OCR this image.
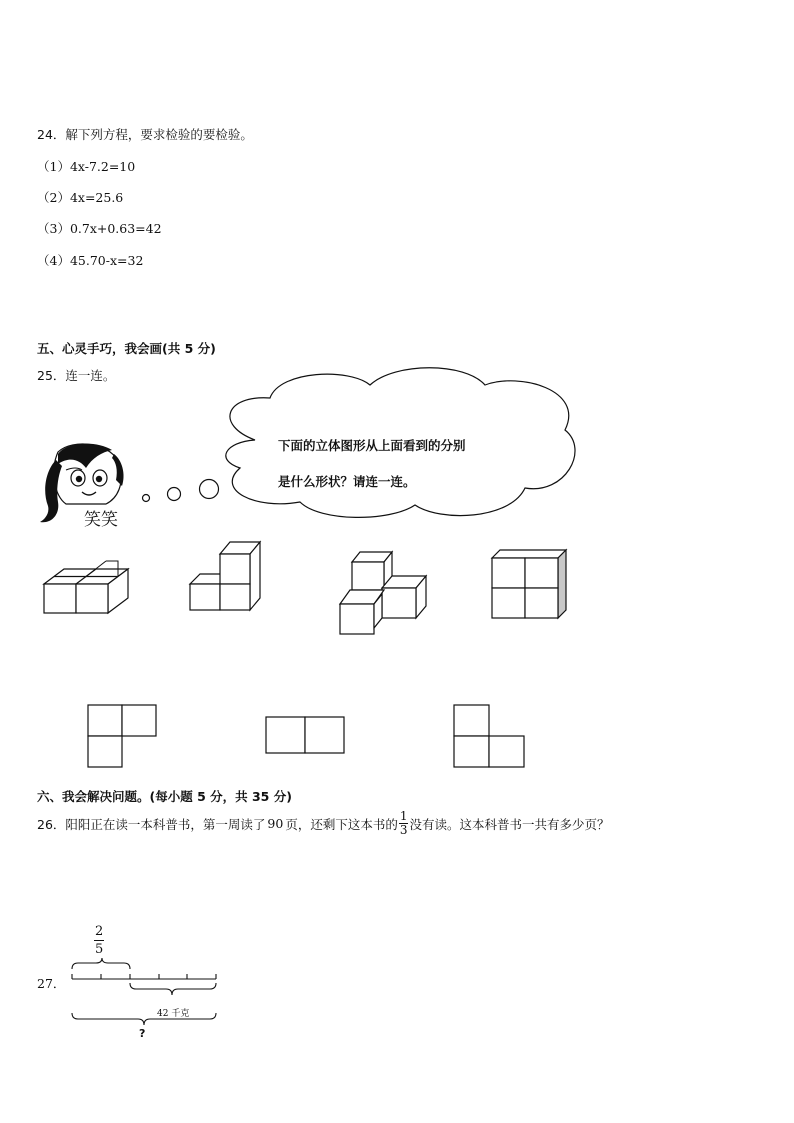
24．解下列方程，要求检验的要检验。
（1）4x-7.2=10
（2）4x=25.6
（3）0.7x+0.63=42
（4）45.70-x=32
五、心灵手巧，我会画(共 5 分)
25．连一连。
下面的立体图形从上面看到的分别
是什么形状？请连一连。
笑笑
六、我会解决问题。(每小题 5 分，共 35 分)
26．阳阳正在读一本科普书，第一周读了 90 页，还剩下这本书的 $\frac{1}{3}$ 没有读。这本科普书一共有多少页？
27．
$\frac{2}{5}$
42 千克
?
